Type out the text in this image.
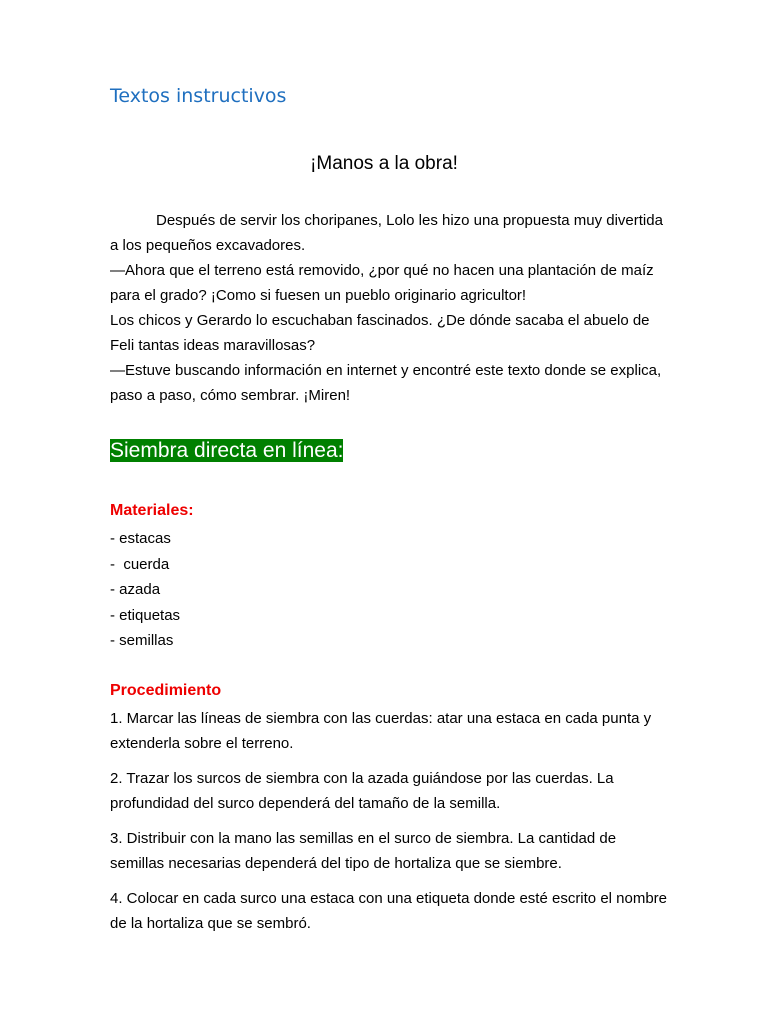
Textos instructivos
¡Manos a la obra!

Después de servir los choripanes, Lolo les hizo una propuesta muy divertida a los pequeños excavadores.

—Ahora que el terreno está removido, ¿por qué no hacen una plantación de maíz para el grado? ¡Como si fuesen un pueblo originario agricultor!

Los chicos y Gerardo lo escuchaban fascinados. ¿De dónde sacaba el abuelo de Feli tantas ideas maravillosas?

—Estuve buscando información en internet y encontré este texto donde se explica, paso a paso, cómo sembrar. ¡Miren!

Siembra directa en línea:
Materiales:
- estacas
-  cuerda
- azada
- etiquetas
- semillas
Procedimiento
1. Marcar las líneas de siembra con las cuerdas: atar una estaca en cada punta y extenderla sobre el terreno.
2. Trazar los surcos de siembra con la azada guiándose por las cuerdas. La profundidad del surco dependerá del tamaño de la semilla.
3. Distribuir con la mano las semillas en el surco de siembra. La cantidad de semillas necesarias dependerá del tipo de hortaliza que se siembre.
4. Colocar en cada surco una estaca con una etiqueta donde esté escrito el nombre de la hortaliza que se sembró.
